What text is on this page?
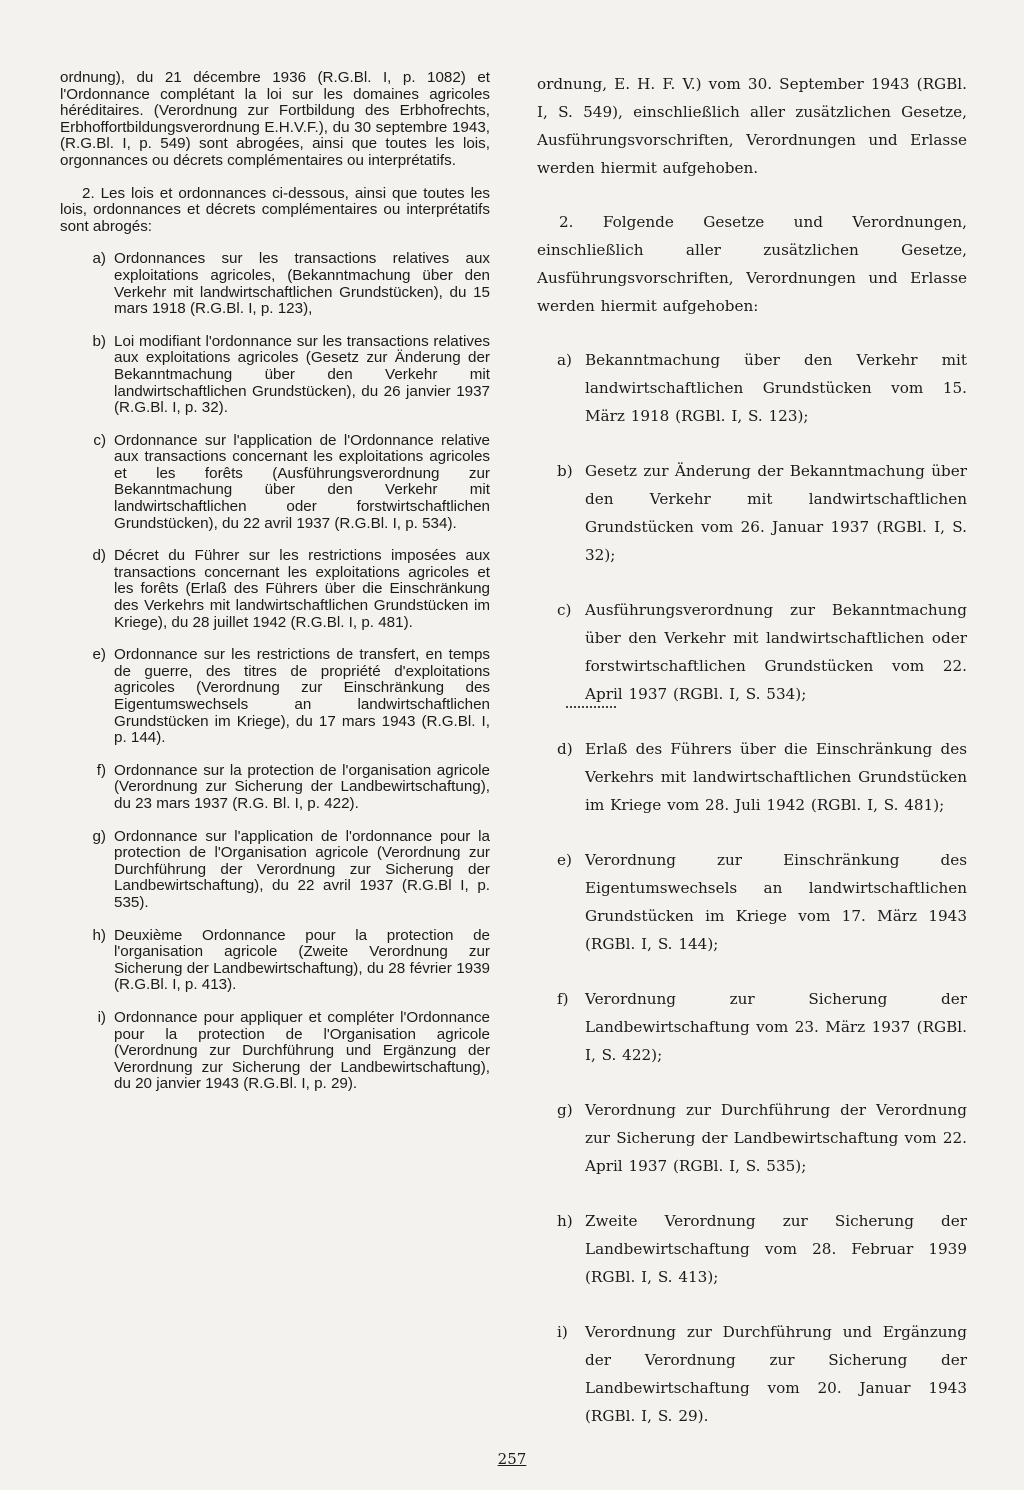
ordnung), du 21 décembre 1936 (R.G.Bl. I, p. 1082) et l'Ordonnance complétant la loi sur les domaines agricoles héréditaires. (Verordnung zur Fortbildung des Erbhofrechts, Erbhoffortbildungsverordnung E.H.V.F.), du 30 septembre 1943, (R.G.Bl. I, p. 549) sont abrogées, ainsi que toutes les lois, orgonnances ou décrets complémentaires ou interprétatifs.

2. Les lois et ordonnances ci-dessous, ainsi que toutes les lois, ordonnances et décrets complémentaires ou interprétatifs sont abrogés:

a) Ordonnances sur les transactions relatives aux exploitations agricoles, (Bekanntmachung über den Verkehr mit landwirtschaftlichen Grundstücken), du 15 mars 1918 (R.G.Bl. I, p. 123),
b) Loi modifiant l'ordonnance sur les transactions relatives aux exploitations agricoles (Gesetz zur Änderung der Bekanntmachung über den Verkehr mit landwirtschaftlichen Grundstücken), du 26 janvier 1937 (R.G.Bl. I, p. 32).
c) Ordonnance sur l'application de l'Ordonnance relative aux transactions concernant les exploitations agricoles et les forêts (Ausführungsverordnung zur Bekanntmachung über den Verkehr mit landwirtschaftlichen oder forstwirtschaftlichen Grundstücken), du 22 avril 1937 (R.G.Bl. I, p. 534).
d) Décret du Führer sur les restrictions imposées aux transactions concernant les exploitations agricoles et les forêts (Erlaß des Führers über die Einschränkung des Verkehrs mit landwirtschaftlichen Grundstücken im Kriege), du 28 juillet 1942 (R.G.Bl. I, p. 481).
e) Ordonnance sur les restrictions de transfert, en temps de guerre, des titres de propriété d'exploitations agricoles (Verordnung zur Einschränkung des Eigentumswechsels an landwirtschaftlichen Grundstücken im Kriege), du 17 mars 1943 (R.G.Bl. I, p. 144).
f) Ordonnance sur la protection de l'organisation agricole (Verordnung zur Sicherung der Landbewirtschaftung), du 23 mars 1937 (R.G. Bl. I, p. 422).
g) Ordonnance sur l'application de l'ordonnance pour la protection de l'Organisation agricole (Verordnung zur Durchführung der Verordnung zur Sicherung der Landbewirtschaftung), du 22 avril 1937 (R.G.Bl I, p. 535).
h) Deuxième Ordonnance pour la protection de l'organisation agricole (Zweite Verordnung zur Sicherung der Landbewirtschaftung), du 28 février 1939 (R.G.Bl. I, p. 413).
i) Ordonnance pour appliquer et compléter l'Ordonnance pour la protection de l'Organisation agricole (Verordnung zur Durchführung und Ergänzung der Verordnung zur Sicherung der Landbewirtschaftung), du 20 janvier 1943 (R.G.Bl. I, p. 29).

ordnung, E. H. F. V.) vom 30. September 1943 (RGBl. I, S. 549), einschließlich aller zusätzlichen Gesetze, Ausführungsvorschriften, Verordnungen und Erlasse werden hiermit aufgehoben.

2. Folgende Gesetze und Verordnungen, einschließlich aller zusätzlichen Gesetze, Ausführungsvorschriften, Verordnungen und Erlasse werden hiermit aufgehoben:

a) Bekanntmachung über den Verkehr mit landwirtschaftlichen Grundstücken vom 15. März 1918 (RGBl. I, S. 123);
b) Gesetz zur Änderung der Bekanntmachung über den Verkehr mit landwirtschaftlichen Grundstücken vom 26. Januar 1937 (RGBl. I, S. 32);
c) Ausführungsverordnung zur Bekanntmachung über den Verkehr mit landwirtschaftlichen oder forstwirtschaftlichen Grundstücken vom 22. April 1937 (RGBl. I, S. 534);
d) Erlaß des Führers über die Einschränkung des Verkehrs mit landwirtschaftlichen Grundstücken im Kriege vom 28. Juli 1942 (RGBl. I, S. 481);
e) Verordnung zur Einschränkung des Eigentumswechsels an landwirtschaftlichen Grundstücken im Kriege vom 17. März 1943 (RGBl. I, S. 144);
f)	Verordnung zur Sicherung der Landbewirtschaftung vom 23. März 1937 (RGBl. I, S. 422);
g) Verordnung zur Durchführung der Verordnung zur Sicherung der Landbewirtschaftung vom 22. April 1937 (RGBl. I, S. 535);
h) Zweite Verordnung zur Sicherung der Landbewirtschaftung vom 28. Februar 1939 (RGBl. I, S. 413);
i)	Verordnung zur Durchführung und Ergänzung der Verordnung zur Sicherung der Landbewirtschaftung vom 20. Januar 1943 (RGBl. I, S. 29).
257
